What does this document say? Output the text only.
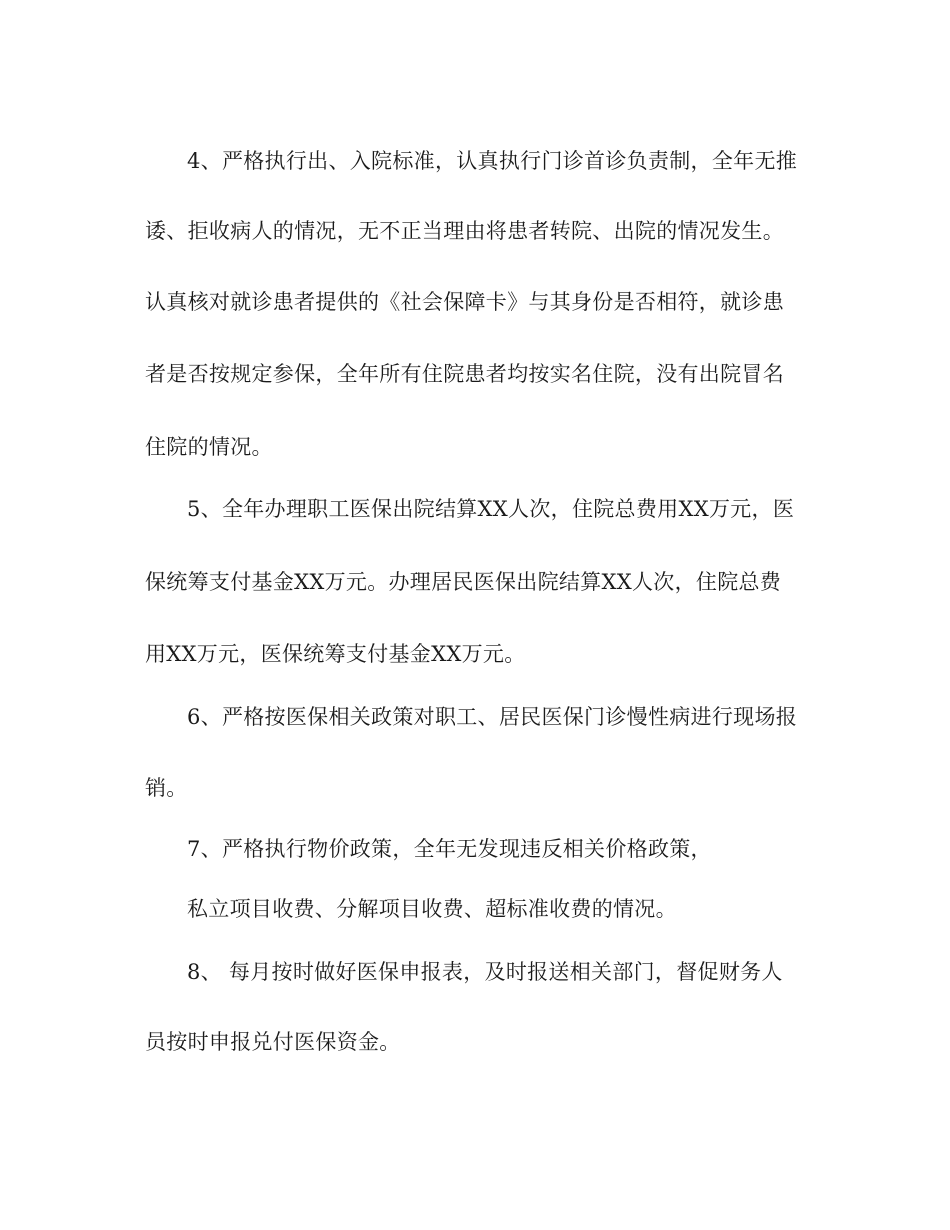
4、严格执行出、入院标准，认真执行门诊首诊负责制，全年无推
诿、拒收病人的情况，无不正当理由将患者转院、出院的情况发生。
认真核对就诊患者提供的《社会保障卡》与其身份是否相符，就诊患
者是否按规定参保，全年所有住院患者均按实名住院，没有出院冒名
住院的情况。
5、全年办理职工医保出院结算XX人次，住院总费用XX万元，医
保统筹支付基金XX万元。办理居民医保出院结算XX人次，住院总费
用XX万元，医保统筹支付基金XX万元。
6、严格按医保相关政策对职工、居民医保门诊慢性病进行现场报
销。
7、严格执行物价政策，全年无发现违反相关价格政策，
私立项目收费、分解项目收费、超标准收费的情况。
8、 每月按时做好医保申报表，及时报送相关部门，督促财务人
员按时申报兑付医保资金。
